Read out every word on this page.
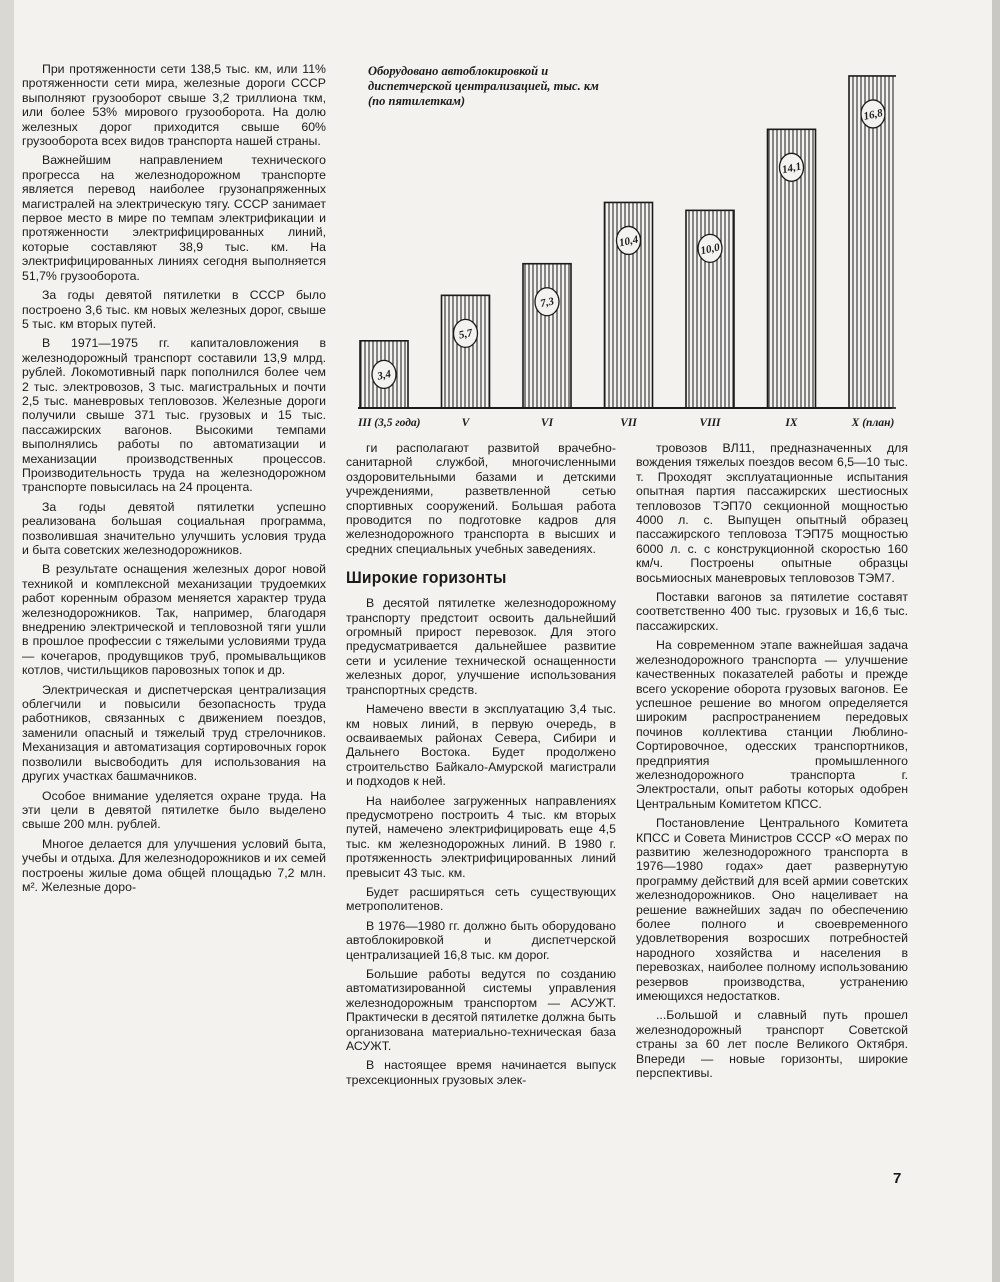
3,4
III (3,5 года)
5,7
V
7,3
VI
10,4
VII
10,0
VIII
14,1
IX
16,8
X (план)
Оборудовано автоблокировкой и диспетчерской централизацией, тыс. км (по пятилеткам)

При протяженности сети 138,5 тыс. км, или 11% протяженности сети мира, железные дороги СССР выполняют грузооборот свыше 3,2 триллиона ткм, или более 53% мирового грузооборота. На долю железных дорог приходится свыше 60% грузооборота всех видов транспорта нашей страны.

Важнейшим направлением технического прогресса на железнодорожном транспорте является перевод наиболее грузонапряженных магистралей на электрическую тягу. СССР занимает первое место в мире по темпам электрификации и протяженности электрифицированных линий, которые составляют 38,9 тыс. км. На электрифицированных линиях сегодня выполняется 51,7% грузооборота.

За годы девятой пятилетки в СССР было построено 3,6 тыс. км новых железных дорог, свыше 5 тыс. км вторых путей.

В 1971—1975 гг. капиталовложения в железнодорожный транспорт составили 13,9 млрд. рублей. Локомотивный парк пополнился более чем 2 тыс. электровозов, 3 тыс. магистральных и почти 2,5 тыс. маневровых тепловозов. Железные дороги получили свыше 371 тыс. грузовых и 15 тыс. пассажирских вагонов. Высокими темпами выполнялись работы по автоматизации и механизации производственных процессов. Производительность труда на железнодорожном транспорте повысилась на 24 процента.

За годы девятой пятилетки успешно реализована большая социальная программа, позволившая значительно улучшить условия труда и быта советских железнодорожников.

В результате оснащения железных дорог новой техникой и комплексной механизации трудоемких работ коренным образом меняется характер труда железнодорожников. Так, например, благодаря внедрению электрической и тепловозной тяги ушли в прошлое профессии с тяжелыми условиями труда — кочегаров, продувщиков труб, промывальщиков котлов, чистильщиков паровозных топок и др.

Электрическая и диспетчерская централизация облегчили и повысили безопасность труда работников, связанных с движением поездов, заменили опасный и тяжелый труд стрелочников. Механизация и автоматизация сортировочных горок позволили высвободить для использования на других участках башмачников.

Особое внимание уделяется охране труда. На эти цели в девятой пятилетке было выделено свыше 200 млн. рублей.

Многое делается для улучшения условий быта, учебы и отдыха. Для железнодорожников и их семей построены жилые дома общей площадью 7,2 млн. м². Железные доро-

ги располагают развитой врачебно-санитарной службой, многочисленными оздоровительными базами и детскими учреждениями, разветвленной сетью спортивных сооружений. Большая работа проводится по подготовке кадров для железнодорожного транспорта в высших и средних специальных учебных заведениях.

Широкие горизонты

В десятой пятилетке железнодорожному транспорту предстоит освоить дальнейший огромный прирост перевозок. Для этого предусматривается дальнейшее развитие сети и усиление технической оснащенности железных дорог, улучшение использования транспортных средств.

Намечено ввести в эксплуатацию 3,4 тыс. км новых линий, в первую очередь, в осваиваемых районах Севера, Сибири и Дальнего Востока. Будет продолжено строительство Байкало-Амурской магистрали и подходов к ней.

На наиболее загруженных направлениях предусмотрено построить 4 тыс. км вторых путей, намечено электрифицировать еще 4,5 тыс. км железнодорожных линий. В 1980 г. протяженность электрифицированных линий превысит 43 тыс. км.

Будет расширяться сеть существующих метрополитенов.

В 1976—1980 гг. должно быть оборудовано автоблокировкой и диспетчерской централизацией 16,8 тыс. км дорог.

Большие работы ведутся по созданию автоматизированной системы управления железнодорожным транспортом — АСУЖТ. Практически в десятой пятилетке должна быть организована материально-техническая база АСУЖТ.

В настоящее время начинается выпуск трехсекционных грузовых элек-

тровозов ВЛ11, предназначенных для вождения тяжелых поездов весом 6,5—10 тыс. т. Проходят эксплуатационные испытания опытная партия пассажирских шестиосных тепловозов ТЭП70 секционной мощностью 4000 л. с. Выпущен опытный образец пассажирского тепловоза ТЭП75 мощностью 6000 л. с. с конструкционной скоростью 160 км/ч. Построены опытные образцы восьмиосных маневровых тепловозов ТЭМ7.

Поставки вагонов за пятилетие составят соответственно 400 тыс. грузовых и 16,6 тыс. пассажирских.

На современном этапе важнейшая задача железнодорожного транспорта — улучшение качественных показателей работы и прежде всего ускорение оборота грузовых вагонов. Ее успешное решение во многом определяется широким распространением передовых починов коллектива станции Люблино-Сортировочное, одесских транспортников, предприятия промышленного железнодорожного транспорта г. Электростали, опыт работы которых одобрен Центральным Комитетом КПСС.

Постановление Центрального Комитета КПСС и Совета Министров СССР «О мерах по развитию железнодорожного транспорта в 1976—1980 годах» дает развернутую программу действий для всей армии советских железнодорожников. Оно нацеливает на решение важнейших задач по обеспечению более полного и своевременного удовлетворения возросших потребностей народного хозяйства и населения в перевозках, наиболее полному использованию резервов производства, устранению имеющихся недостатков.

...Большой и славный путь прошел железнодорожный транспорт Советской страны за 60 лет после Великого Октября. Впереди — новые горизонты, широкие перспективы.

7
